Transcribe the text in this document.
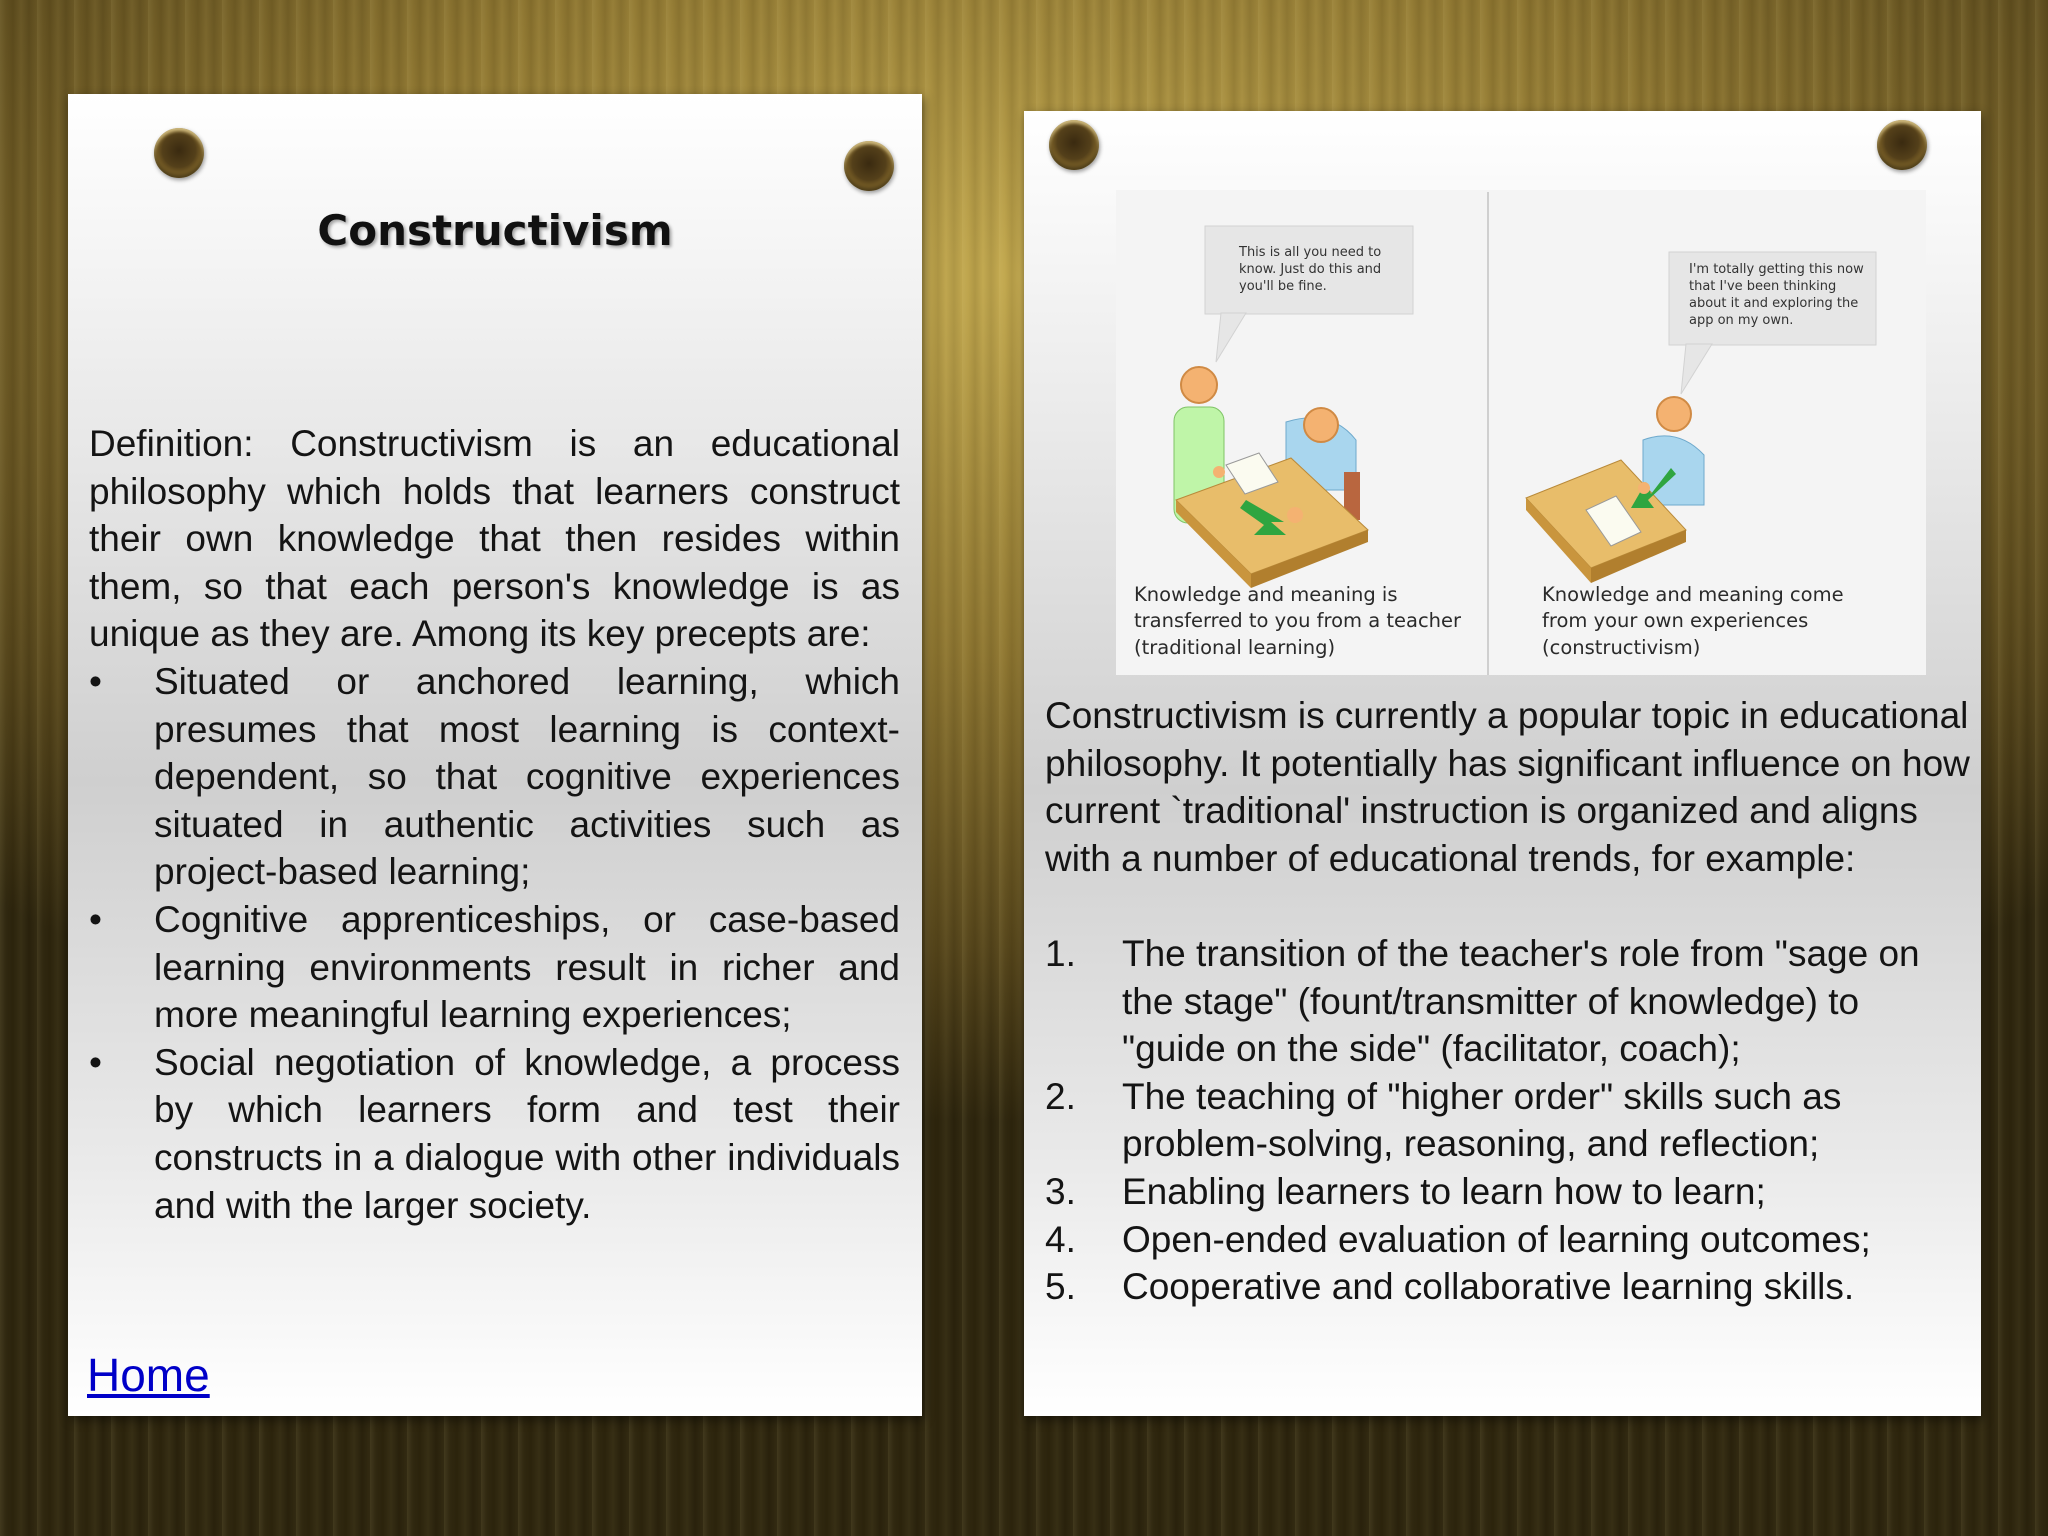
Constructivism
Definition: Constructivism is an educational philosophy which holds that learners construct their own knowledge that then resides within them, so that each person's knowledge is as unique as they are. Among its key precepts are:
• Situated or anchored learning, which presumes that most learning is context-dependent, so that cognitive experiences situated in authentic activities such as project-based learning;
• Cognitive apprenticeships, or case-based learning environments result in richer and more meaningful learning experiences;
• Social negotiation of knowledge, a process by which learners form and test their constructs in a dialogue with other individuals and with the larger society.
Home
This is all you need to
know. Just do this and
you'll be fine.
I'm totally getting this now
that I've been thinking
about it and exploring the
app on my own.
Knowledge and meaning is
transferred to you from a teacher
(traditional learning)
Knowledge and meaning come
from your own experiences
(constructivism)
Constructivism is currently a popular topic in educational philosophy. It potentially has significant influence on how current `traditional' instruction is organized and aligns with a number of educational trends, for example:
1. The transition of the teacher's role from "sage on the stage" (fount/transmitter of knowledge) to "guide on the side" (facilitator, coach);
2. The teaching of "higher order" skills such as problem-solving, reasoning, and reflection;
3. Enabling learners to learn how to learn;
4. Open-ended evaluation of learning outcomes;
5. Cooperative and collaborative learning skills.
